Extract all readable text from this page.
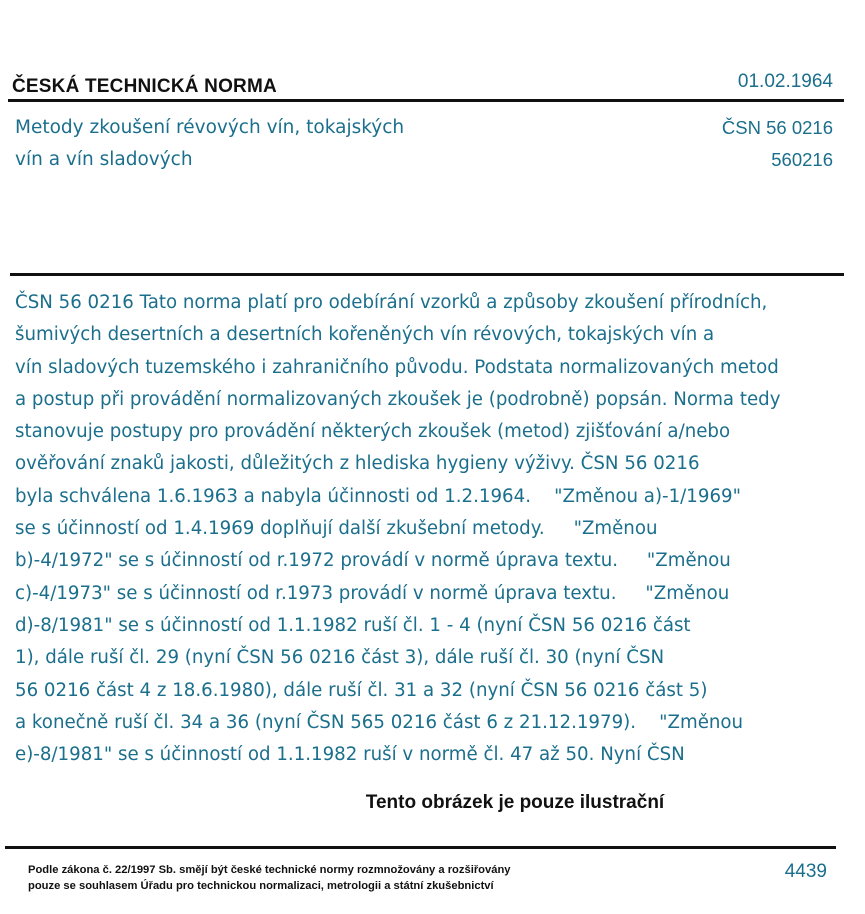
ČESKÁ TECHNICKÁ NORMA	01.02.1964
Metody zkoušení révových vín, tokajských
vín a vín sladových
ČSN 56 0216
560216
ČSN 56 0216 Tato norma platí pro odebírání vzorků a způsoby zkoušení přírodních,
šumivých desertních a desertních kořeněných vín révových, tokajských vín a
vín sladových tuzemského i zahraničního původu. Podstata normalizovaných metod
a postup při provádění normalizovaných zkoušek je (podrobně) popsán. Norma tedy
stanovuje postupy pro provádění některých zkoušek (metod) zjišťování a/nebo
ověřování znaků jakosti, důležitých z hlediska hygieny výživy. ČSN 56 0216
byla schválena 1.6.1963 a nabyla účinnosti od 1.2.1964.    "Změnou a)-1/1969"
se s účinností od 1.4.1969 doplňují další zkušební metody.     "Změnou
b)-4/1972" se s účinností od r.1972 provádí v normě úprava textu.     "Změnou
c)-4/1973" se s účinností od r.1973 provádí v normě úprava textu.     "Změnou
d)-8/1981" se s účinností od 1.1.1982 ruší čl. 1 - 4 (nyní ČSN 56 0216 část
1), dále ruší čl. 29 (nyní ČSN 56 0216 část 3), dále ruší čl. 30 (nyní ČSN
56 0216 část 4 z 18.6.1980), dále ruší čl. 31 a 32 (nyní ČSN 56 0216 část 5)
a konečně ruší čl. 34 a 36 (nyní ČSN 565 0216 část 6 z 21.12.1979).    "Změnou
e)-8/1981" se s účinností od 1.1.1982 ruší v normě čl. 47 až 50. Nyní ČSN
Tento obrázek je pouze ilustrační
Podle zákona č. 22/1997 Sb. smějí být české technické normy rozmnožovány a rozšiřovány
pouze se souhlasem Úřadu pro technickou normalizaci, metrologii a státní zkušebnictví
4439
